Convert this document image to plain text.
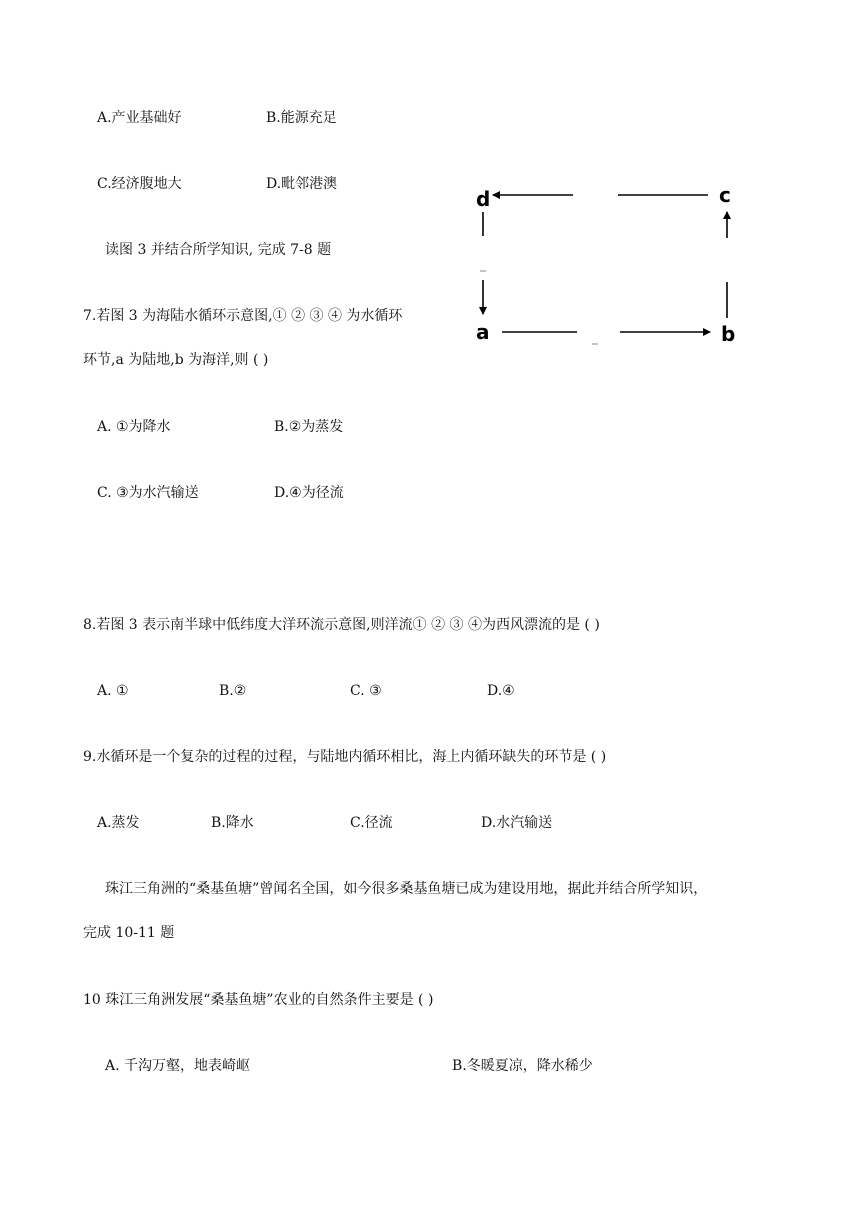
A.产业基础好	B.能源充足
C.经济腹地大	D.毗邻港澳
读图 3 并结合所学知识, 完成 7-8 题
7.若图 3 为海陆水循环示意图,① ② ③ ④ 为水循环
环节,a 为陆地,b 为海洋,则 ( )
A. ①为降水	B.②为蒸发
C. ③为水汽输送	D.④为径流
d	c
a	b
8.若图 3 表示南半球中低纬度大洋环流示意图,则洋流① ② ③ ④为西风漂流的是 ( )
A. ①	B.②	C. ③	D.④
9.水循环是一个复杂的过程的过程，与陆地内循环相比，海上内循环缺失的环节是 ( )
A.蒸发	B.降水	C.径流	D.水汽输送
珠江三角洲的“桑基鱼塘”曾闻名全国，如今很多桑基鱼塘已成为建设用地，据此并结合所学知识，
完成 10-11 题
10 珠江三角洲发展“桑基鱼塘”农业的自然条件主要是 ( )
A. 千沟万壑，地表崎岖	B.冬暖夏凉，降水稀少
